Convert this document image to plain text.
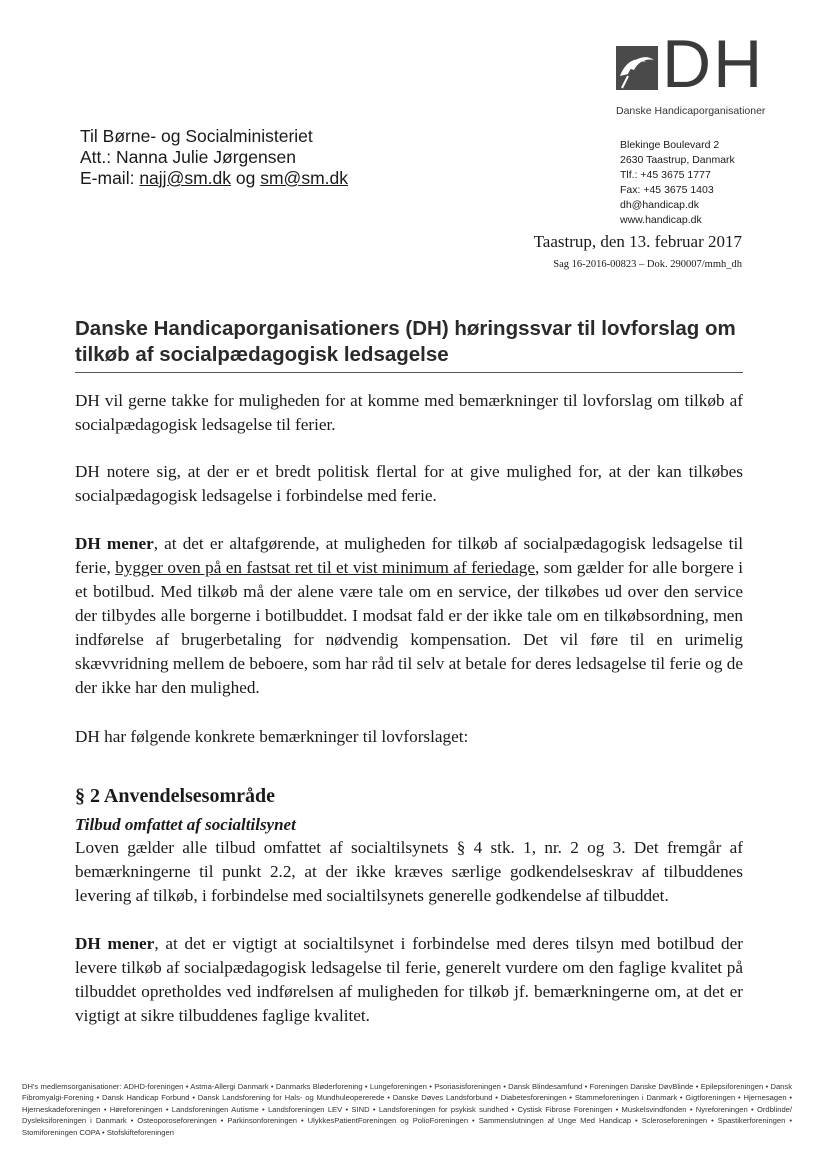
DH
Danske Handicaporganisationer
Til Børne- og Socialministeriet
Att.: Nanna Julie Jørgensen
E-mail: najj@sm.dk og sm@sm.dk
Blekinge Boulevard 2
2630 Taastrup, Danmark
Tlf.: +45 3675 1777
Fax: +45 3675 1403
dh@handicap.dk
www.handicap.dk
Taastrup, den 13. februar 2017
Sag 16-2016-00823 – Dok. 290007/mmh_dh
Danske Handicaporganisationers (DH) høringssvar til lovforslag om tilkøb af socialpædagogisk ledsagelse
DH vil gerne takke for muligheden for at komme med bemærkninger til lovforslag om tilkøb af socialpædagogisk ledsagelse til ferier.
DH notere sig, at der er et bredt politisk flertal for at give mulighed for, at der kan tilkøbes socialpædagogisk ledsagelse i forbindelse med ferie.
DH mener, at det er altafgørende, at muligheden for tilkøb af socialpædagogisk ledsagelse til ferie, bygger oven på en fastsat ret til et vist minimum af feriedage, som gælder for alle borgere i et botilbud. Med tilkøb må der alene være tale om en service, der tilkøbes ud over den service der tilbydes alle borgerne i botilbuddet. I modsat fald er der ikke tale om en tilkøbsordning, men indførelse af brugerbetaling for nødvendig kompensation. Det vil føre til en urimelig skævvridning mellem de beboere, som har råd til selv at betale for deres ledsagelse til ferie og de der ikke har den mulighed.
DH har følgende konkrete bemærkninger til lovforslaget:
§ 2 Anvendelsesområde
Tilbud omfattet af socialtilsynet
Loven gælder alle tilbud omfattet af socialtilsynets § 4 stk. 1, nr. 2 og 3. Det fremgår af bemærkningerne til punkt 2.2, at der ikke kræves særlige godkendelseskrav af tilbuddenes levering af tilkøb, i forbindelse med socialtilsynets generelle godkendelse af tilbuddet.
DH mener, at det er vigtigt at socialtilsynet i forbindelse med deres tilsyn med botilbud der levere tilkøb af socialpædagogisk ledsagelse til ferie, generelt vurdere om den faglige kvalitet på tilbuddet opretholdes ved indførelsen af muligheden for tilkøb jf. bemærkningerne om, at det er vigtigt at sikre tilbuddenes faglige kvalitet.
DH's medlemsorganisationer: ADHD-foreningen • Astma-Allergi Danmark • Danmarks Bløderforening • Lungeforeningen • Psoriasisforeningen • Dansk Blindesamfund • Foreningen Danske DøvBlinde • Epilepsiforeningen • Dansk Fibromyalgi-Forening • Dansk Handicap Forbund • Dansk Landsforening for Hals- og Mundhuleopererede • Danske Døves Landsforbund • Diabetesforeningen • Stammeforeningen i Danmark • Gigtforeningen • Hjernesagen • Hjerneskadeforeningen • Høreforeningen • Landsforeningen Autisme • Landsforeningen LEV • SIND • Landsforeningen for psykisk sundhed • Cystisk Fibrose Foreningen • Muskelsvindfonden • Nyreforeningen • Ordblinde/ Dysleksiforeningen i Danmark • Osteoporoseforeningen • Parkinsonforeningen • UlykkesPatientForeningen og PolioForeningen • Sammenslutningen af Unge Med Handicap • Scleroseforeningen • Spastikerforeningen • Stomiforeningen COPA • Stofskifteforeningen
